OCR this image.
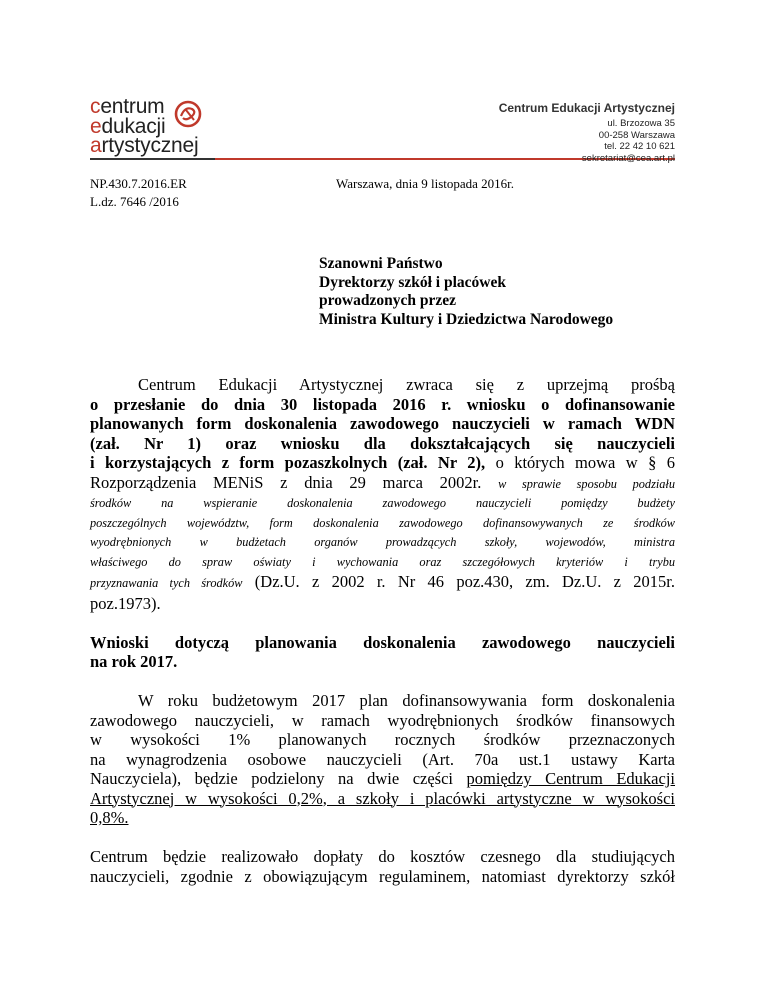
centrum
edukacji
artystycznej
Centrum Edukacji Artystycznej
ul. Brzozowa 35
00-258 Warszawa
tel. 22 42 10 621
sekretariat@cea.art.pl
NP.430.7.2016.ER
L.dz. 7646 /2016
Warszawa, dnia 9 listopada 2016r.
Szanowni Państwo
Dyrektorzy szkół i placówek
prowadzonych przez
Ministra Kultury i Dziedzictwa Narodowego
Centrum Edukacji Artystycznej zwraca się z uprzejmą prośbą
o przesłanie do dnia 30 listopada 2016 r. wniosku o dofinansowanie
planowanych form doskonalenia zawodowego nauczycieli w ramach WDN
(zał. Nr 1) oraz wniosku dla dokształcających się nauczycieli
i korzystających z form pozaszkolnych (zał. Nr 2), o których mowa w § 6
Rozporządzenia MENiS z dnia 29 marca 2002r. w sprawie sposobu podziału
środków na wspieranie doskonalenia zawodowego nauczycieli pomiędzy budżety
poszczególnych województw, form doskonalenia zawodowego dofinansowywanych ze środków
wyodrębnionych w budżetach organów prowadzących szkoły, wojewodów, ministra
właściwego do spraw oświaty i wychowania oraz szczegółowych kryteriów i trybu
przyznawania tych środków (Dz.U. z 2002 r. Nr 46 poz.430, zm. Dz.U. z 2015r.
poz.1973).
Wnioski dotyczą planowania doskonalenia zawodowego nauczycieli
na rok 2017.
W roku budżetowym 2017 plan dofinansowywania form doskonalenia
zawodowego nauczycieli, w ramach wyodrębnionych środków finansowych
w wysokości 1% planowanych rocznych środków przeznaczonych
na wynagrodzenia osobowe nauczycieli (Art. 70a ust.1 ustawy Karta
Nauczyciela), będzie podzielony na dwie części pomiędzy Centrum Edukacji
Artystycznej w wysokości 0,2%, a szkoły i placówki artystyczne w wysokości
0,8%.
Centrum będzie realizowało dopłaty do kosztów czesnego dla studiujących
nauczycieli, zgodnie z obowiązującym regulaminem, natomiast dyrektorzy szkół
